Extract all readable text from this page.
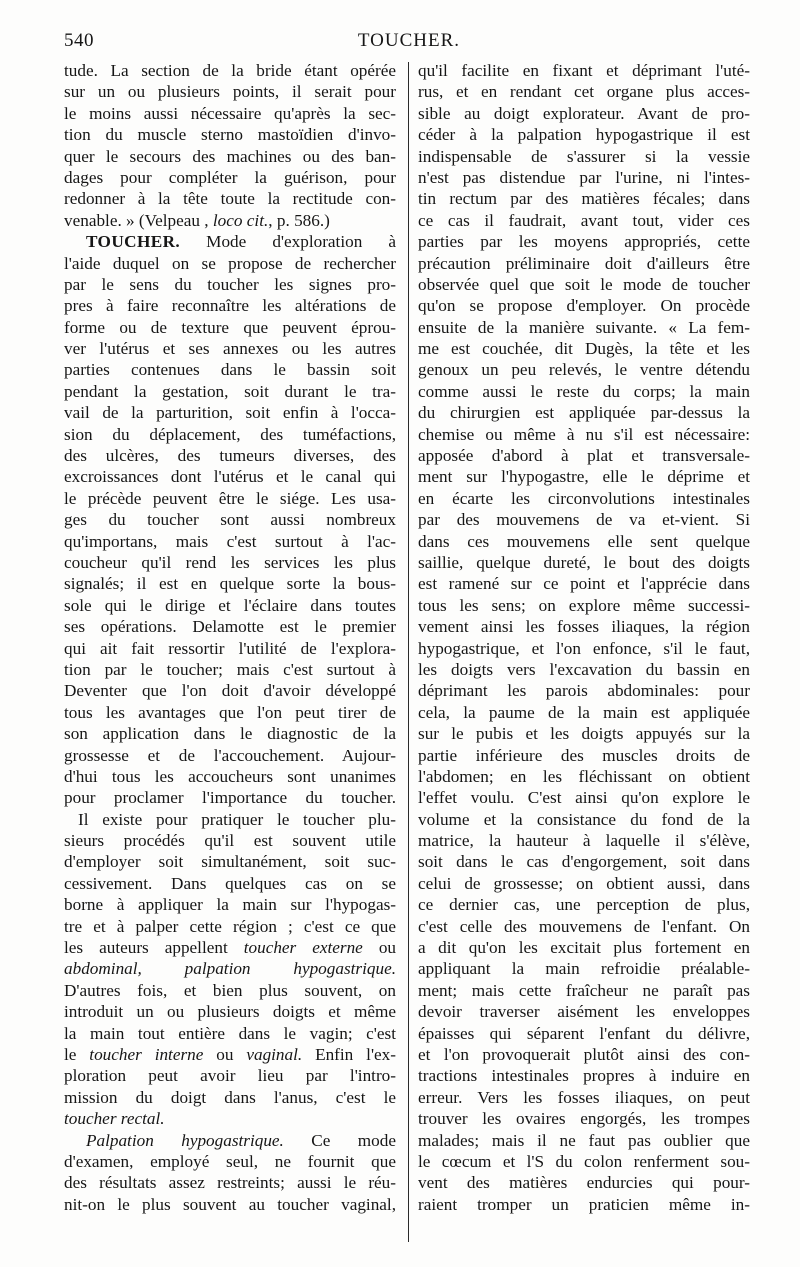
540	TOUCHER.
tude. La section de la bride étant opérée
sur un ou plusieurs points, il serait pour
le moins aussi nécessaire qu'après la sec-
tion du muscle sterno mastoïdien d'invo-
quer le secours des machines ou des ban-
dages pour compléter la guérison, pour
redonner à la tête toute la rectitude con-
venable. » (Velpeau , loco cit., p. 586.)
TOUCHER. Mode d'exploration à
l'aide duquel on se propose de rechercher
par le sens du toucher les signes pro-
pres à faire reconnaître les altérations de
forme ou de texture que peuvent éprou-
ver l'utérus et ses annexes ou les autres
parties contenues dans le bassin soit
pendant la gestation, soit durant le tra-
vail de la parturition, soit enfin à l'occa-
sion du déplacement, des tuméfactions,
des ulcères, des tumeurs diverses, des
excroissances dont l'utérus et le canal qui
le précède peuvent être le siége. Les usa-
ges du toucher sont aussi nombreux
qu'importans, mais c'est surtout à l'ac-
coucheur qu'il rend les services les plus
signalés; il est en quelque sorte la bous-
sole qui le dirige et l'éclaire dans toutes
ses opérations. Delamotte est le premier
qui ait fait ressortir l'utilité de l'explora-
tion par le toucher; mais c'est surtout à
Deventer que l'on doit d'avoir développé
tous les avantages que l'on peut tirer de
son application dans le diagnostic de la
grossesse et de l'accouchement. Aujour-
d'hui tous les accoucheurs sont unanimes
pour proclamer l'importance du toucher.
Il existe pour pratiquer le toucher plu-
sieurs procédés qu'il est souvent utile
d'employer soit simultanément, soit suc-
cessivement. Dans quelques cas on se
borne à appliquer la main sur l'hypogas-
tre et à palper cette région ; c'est ce que
les auteurs appellent toucher externe ou
abdominal, palpation hypogastrique.
D'autres fois, et bien plus souvent, on
introduit un ou plusieurs doigts et même
la main tout entière dans le vagin; c'est
le toucher interne ou vaginal. Enfin l'ex-
ploration peut avoir lieu par l'intro-
mission du doigt dans l'anus, c'est le
toucher rectal.
Palpation hypogastrique. Ce mode
d'examen, employé seul, ne fournit que
des résultats assez restreints; aussi le réu-
nit-on le plus souvent au toucher vaginal,
qu'il facilite en fixant et déprimant l'uté-
rus, et en rendant cet organe plus acces-
sible au doigt explorateur. Avant de pro-
céder à la palpation hypogastrique il est
indispensable de s'assurer si la vessie
n'est pas distendue par l'urine, ni l'intes-
tin rectum par des matières fécales; dans
ce cas il faudrait, avant tout, vider ces
parties par les moyens appropriés, cette
précaution préliminaire doit d'ailleurs être
observée quel que soit le mode de toucher
qu'on se propose d'employer. On procède
ensuite de la manière suivante. « La fem-
me est couchée, dit Dugès, la tête et les
genoux un peu relevés, le ventre détendu
comme aussi le reste du corps; la main
du chirurgien est appliquée par-dessus la
chemise ou même à nu s'il est nécessaire:
apposée d'abord à plat et transversale-
ment sur l'hypogastre, elle le déprime et
en écarte les circonvolutions intestinales
par des mouvemens de va et-vient. Si
dans ces mouvemens elle sent quelque
saillie, quelque dureté, le bout des doigts
est ramené sur ce point et l'apprécie dans
tous les sens; on explore même successi-
vement ainsi les fosses iliaques, la région
hypogastrique, et l'on enfonce, s'il le faut,
les doigts vers l'excavation du bassin en
déprimant les parois abdominales: pour
cela, la paume de la main est appliquée
sur le pubis et les doigts appuyés sur la
partie inférieure des muscles droits de
l'abdomen; en les fléchissant on obtient
l'effet voulu. C'est ainsi qu'on explore le
volume et la consistance du fond de la
matrice, la hauteur à laquelle il s'élève,
soit dans le cas d'engorgement, soit dans
celui de grossesse; on obtient aussi, dans
ce dernier cas, une perception de plus,
c'est celle des mouvemens de l'enfant. On
a dit qu'on les excitait plus fortement en
appliquant la main refroidie préalable-
ment; mais cette fraîcheur ne paraît pas
devoir traverser aisément les enveloppes
épaisses qui séparent l'enfant du délivre,
et l'on provoquerait plutôt ainsi des con-
tractions intestinales propres à induire en
erreur. Vers les fosses iliaques, on peut
trouver les ovaires engorgés, les trompes
malades; mais il ne faut pas oublier que
le cœcum et l'S du colon renferment sou-
vent des matières endurcies qui pour-
raient tromper un praticien même in-
